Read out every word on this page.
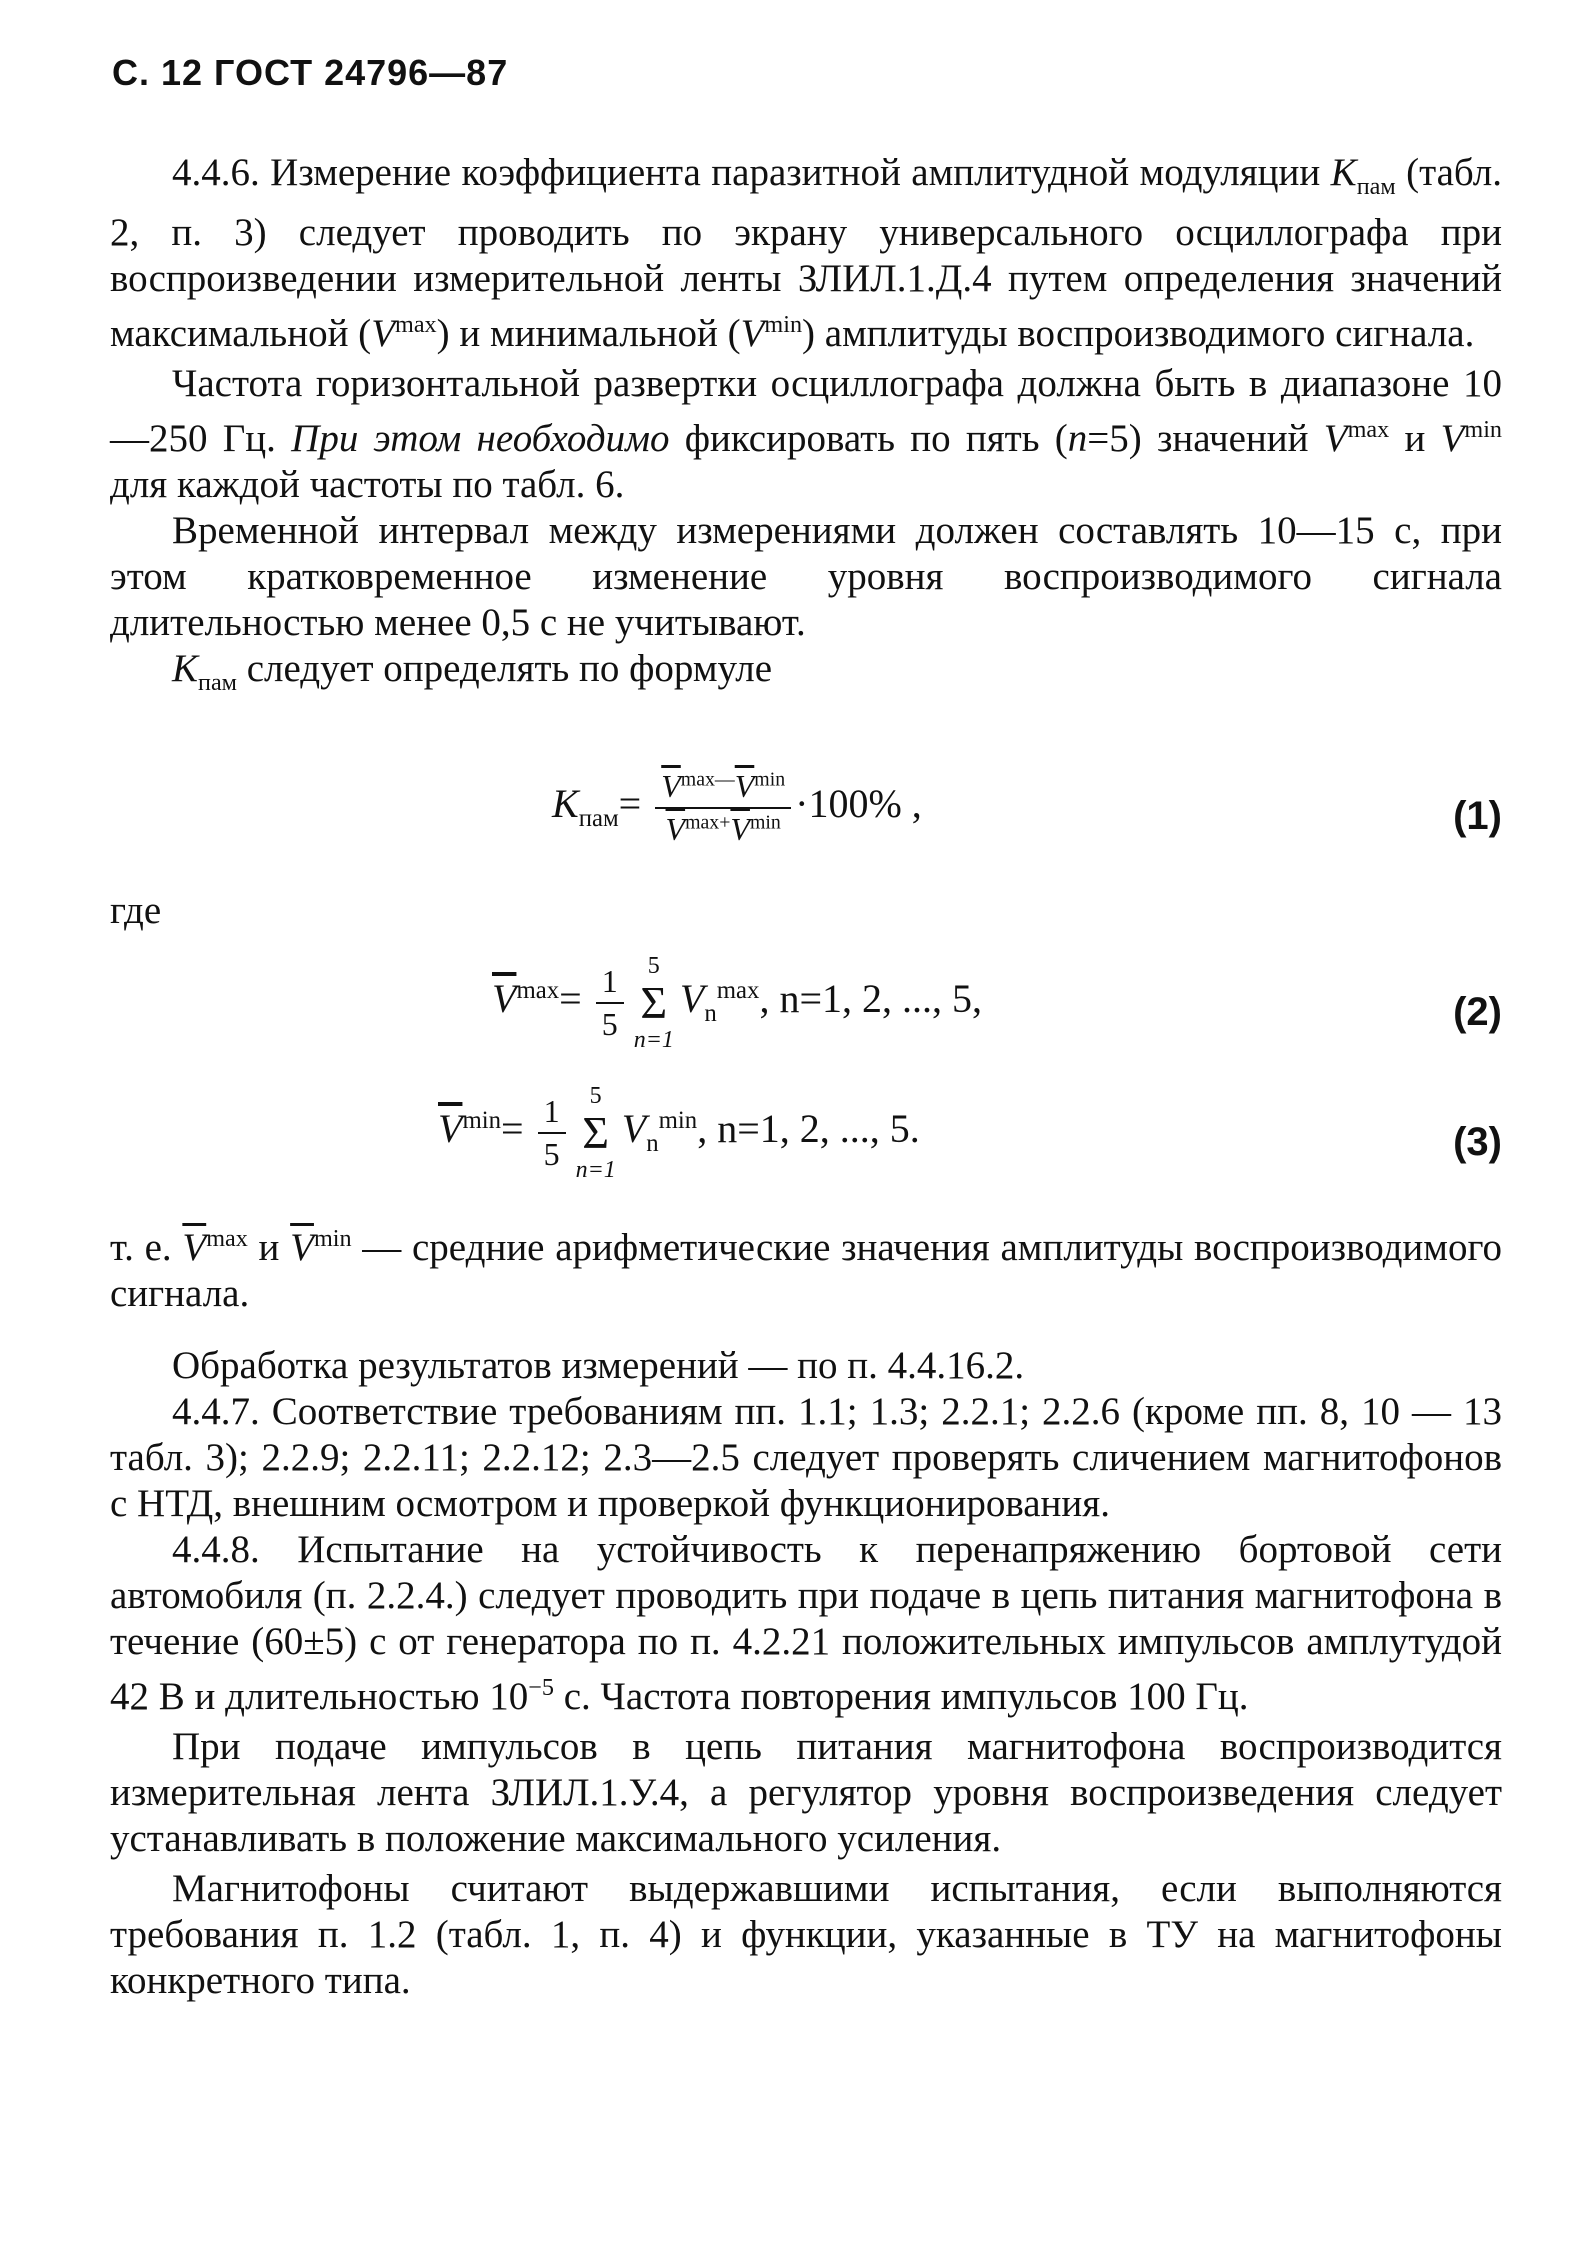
С. 12 ГОСТ 24796—87

4.4.6. Измерение коэффициента паразитной амплитудной модуляции $K_{пам}$ (табл. 2, п. 3) следует проводить по экрану универсального осциллографа при воспроизведении измерительной ленты ЗЛИЛ.1.Д.4 путем определения значений максимальной $(V^{max})$ и минимальной $(V^{min})$ амплитуды воспроизводимого сигнала.

Частота горизонтальной развертки осциллографа должна быть в диапазоне 10—250 Гц. При этом необходимо фиксировать по пять (n=5) значений $V^{max}$ и $V^{min}$ для каждой частоты по табл. 6.

Временной интервал между измерениями должен составлять 10—15 с, при этом кратковременное изменение уровня воспроизводимого сигнала длительностью менее 0,5 с не учитывают.

$K_{пам}$ следует определять по формуле

$K_{пам}= \frac{\overline{V}^{max—}\overline{V}^{min}}{\overline{V}^{max+}\overline{V}^{min}} \cdot 100\%$ ,	(1)
где
$\overline{V}^{max}= \frac{1}{5}$	5
Σ
n=1
$V_n^{max}$, n=1, 2, ..., 5,	(2)
$\overline{V}^{min}= \frac{1}{5}$	5
Σ
n=1
$V_n^{min}$, n=1, 2, ..., 5.	(3)

т. е. $\overline{V}^{max}$ и $\overline{V}^{min}$ — средние арифметические значения амплитуды воспроизводимого сигнала.

Обработка результатов измерений — по п. 4.4.16.2.

4.4.7. Соответствие требованиям пп. 1.1; 1.3; 2.2.1; 2.2.6 (кроме пп. 8, 10 — 13 табл. 3); 2.2.9; 2.2.11; 2.2.12; 2.3—2.5 следует проверять сличением магнитофонов с НТД, внешним осмотром и проверкой функционирования.

4.4.8. Испытание на устойчивость к перенапряжению бортовой сети автомобиля (п. 2.2.4.) следует проводить при подаче в цепь питания магнитофона в течение (60±5) с от генератора по п. 4.2.21 положительных импульсов амплутудой 42 В и длительностью $10^{-5}$ с. Частота повторения импульсов 100 Гц.

При подаче импульсов в цепь питания магнитофона воспроизводится измерительная лента ЗЛИЛ.1.У.4, а регулятор уровня воспроизведения следует устанавливать в положение максимального усиления.

Магнитофоны считают выдержавшими испытания, если выполняются требования п. 1.2 (табл. 1, п. 4) и функции, указанные в ТУ на магнитофоны конкретного типа.
